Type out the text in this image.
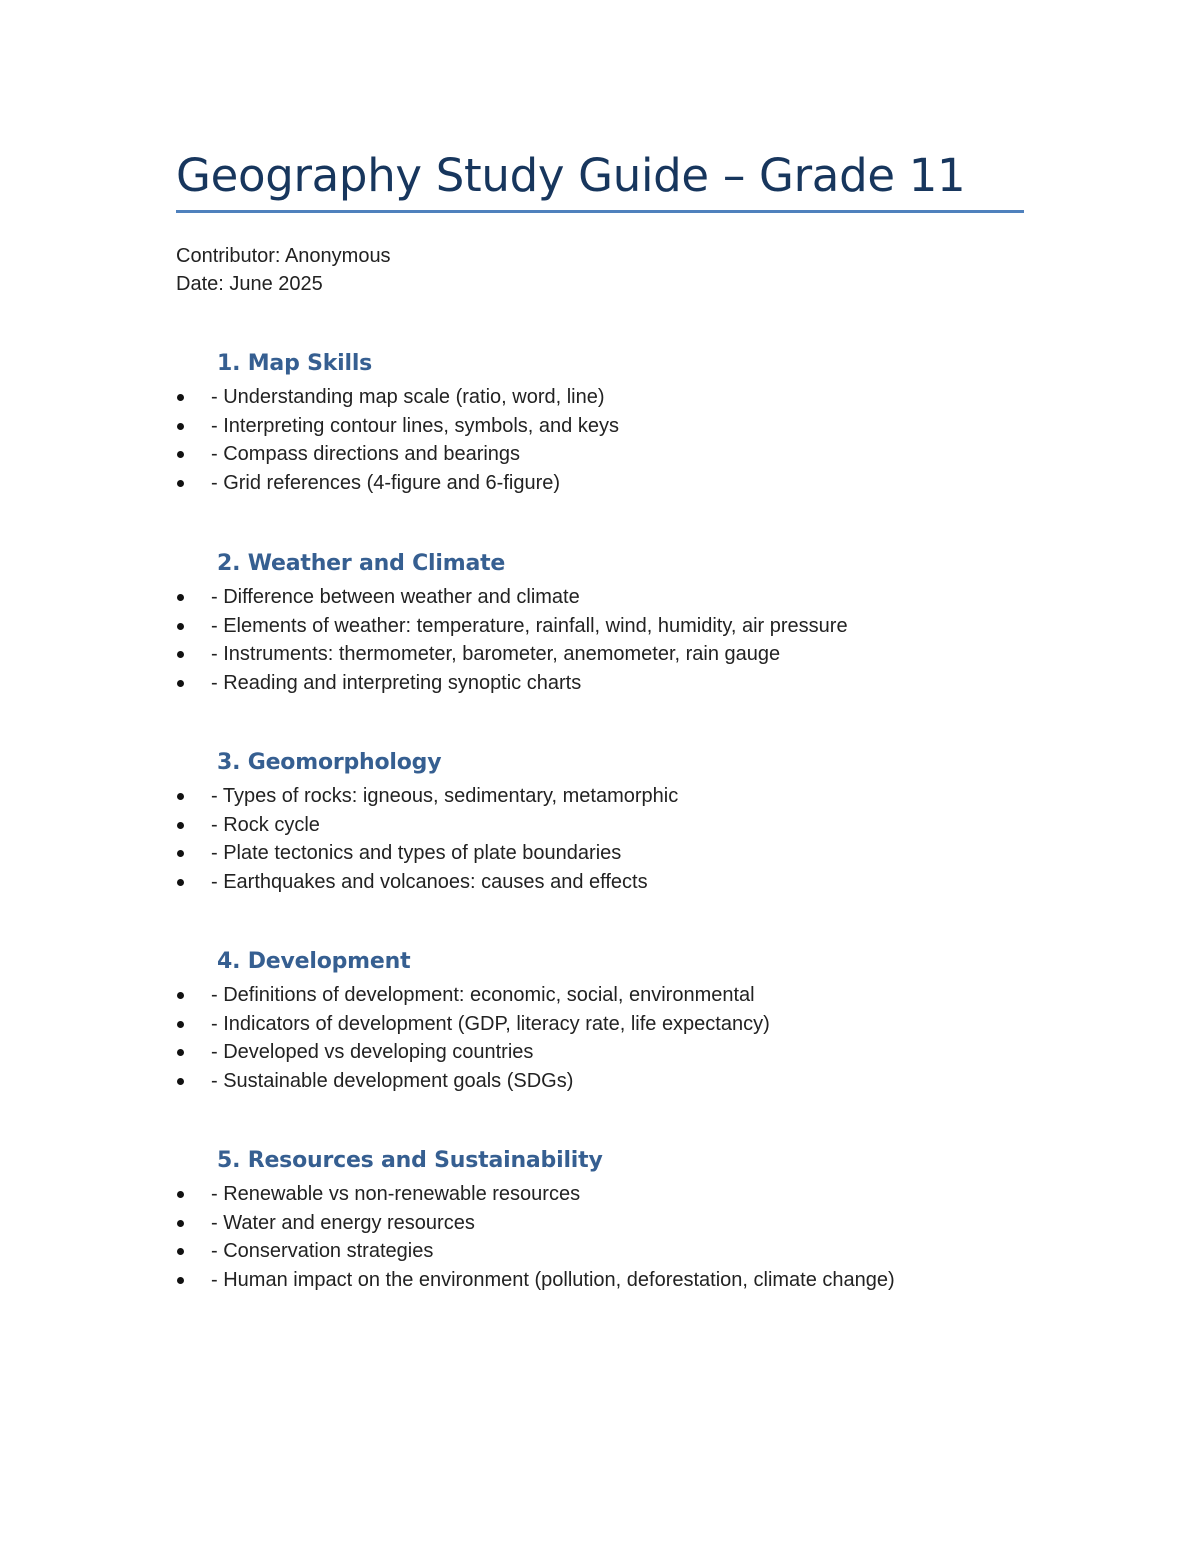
Geography Study Guide – Grade 11
Contributor: Anonymous
Date: June 2025
1. Map Skills
- Understanding map scale (ratio, word, line)
- Interpreting contour lines, symbols, and keys
- Compass directions and bearings
- Grid references (4-figure and 6-figure)
2. Weather and Climate
- Difference between weather and climate
- Elements of weather: temperature, rainfall, wind, humidity, air pressure
- Instruments: thermometer, barometer, anemometer, rain gauge
- Reading and interpreting synoptic charts
3. Geomorphology
- Types of rocks: igneous, sedimentary, metamorphic
- Rock cycle
- Plate tectonics and types of plate boundaries
- Earthquakes and volcanoes: causes and effects
4. Development
- Definitions of development: economic, social, environmental
- Indicators of development (GDP, literacy rate, life expectancy)
- Developed vs developing countries
- Sustainable development goals (SDGs)
5. Resources and Sustainability
- Renewable vs non-renewable resources
- Water and energy resources
- Conservation strategies
- Human impact on the environment (pollution, deforestation, climate change)
